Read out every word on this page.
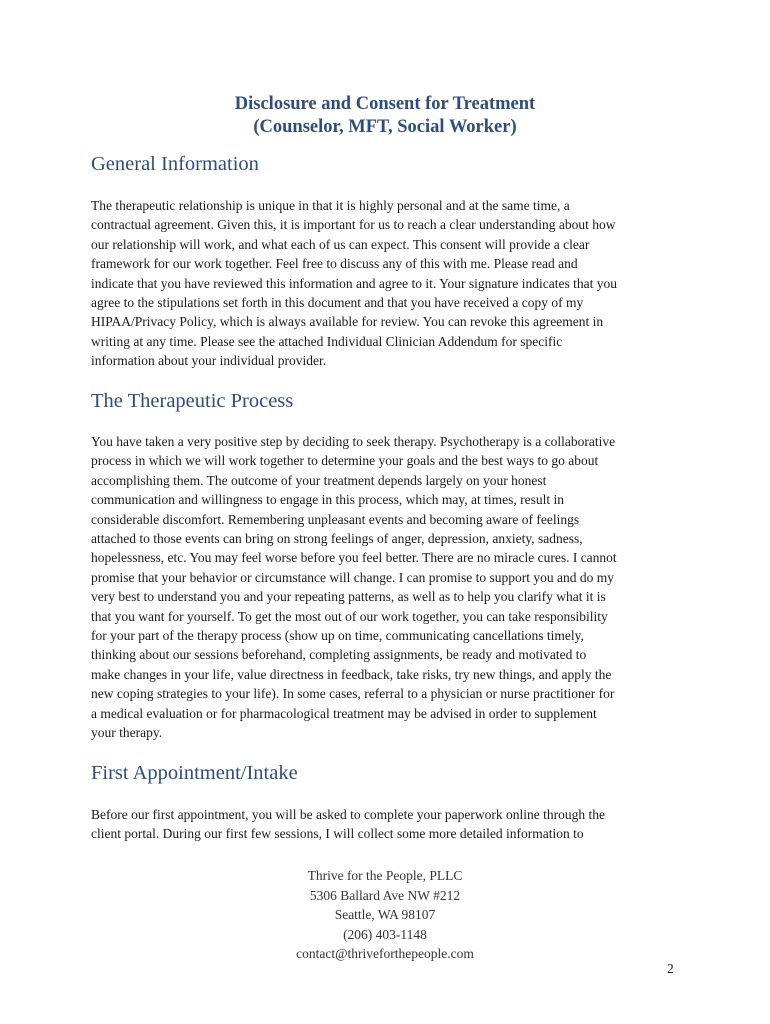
Disclosure and Consent for Treatment
(Counselor, MFT, Social Worker)
General Information

The therapeutic relationship is unique in that it is highly personal and at the same time, a
contractual agreement. Given this, it is important for us to reach a clear understanding about how
our relationship will work, and what each of us can expect. This consent will provide a clear
framework for our work together. Feel free to discuss any of this with me. Please read and
indicate that you have reviewed this information and agree to it. Your signature indicates that you
agree to the stipulations set forth in this document and that you have received a copy of my
HIPAA/Privacy Policy, which is always available for review. You can revoke this agreement in
writing at any time. Please see the attached Individual Clinician Addendum for specific
information about your individual provider.

The Therapeutic Process

You have taken a very positive step by deciding to seek therapy. Psychotherapy is a collaborative
process in which we will work together to determine your goals and the best ways to go about
accomplishing them. The outcome of your treatment depends largely on your honest
communication and willingness to engage in this process, which may, at times, result in
considerable discomfort. Remembering unpleasant events and becoming aware of feelings
attached to those events can bring on strong feelings of anger, depression, anxiety, sadness,
hopelessness, etc. You may feel worse before you feel better. There are no miracle cures. I cannot
promise that your behavior or circumstance will change. I can promise to support you and do my
very best to understand you and your repeating patterns, as well as to help you clarify what it is
that you want for yourself. To get the most out of our work together, you can take responsibility
for your part of the therapy process (show up on time, communicating cancellations timely,
thinking about our sessions beforehand, completing assignments, be ready and motivated to
make changes in your life, value directness in feedback, take risks, try new things, and apply the
new coping strategies to your life). In some cases, referral to a physician or nurse practitioner for
a medical evaluation or for pharmacological treatment may be advised in order to supplement
your therapy.

First Appointment/Intake

Before our first appointment, you will be asked to complete your paperwork online through the
client portal. During our first few sessions, I will collect some more detailed information to

Thrive for the People, PLLC
5306 Ballard Ave NW #212
Seattle, WA 98107
(206) 403-1148
contact@thriveforthepeople.com
2
